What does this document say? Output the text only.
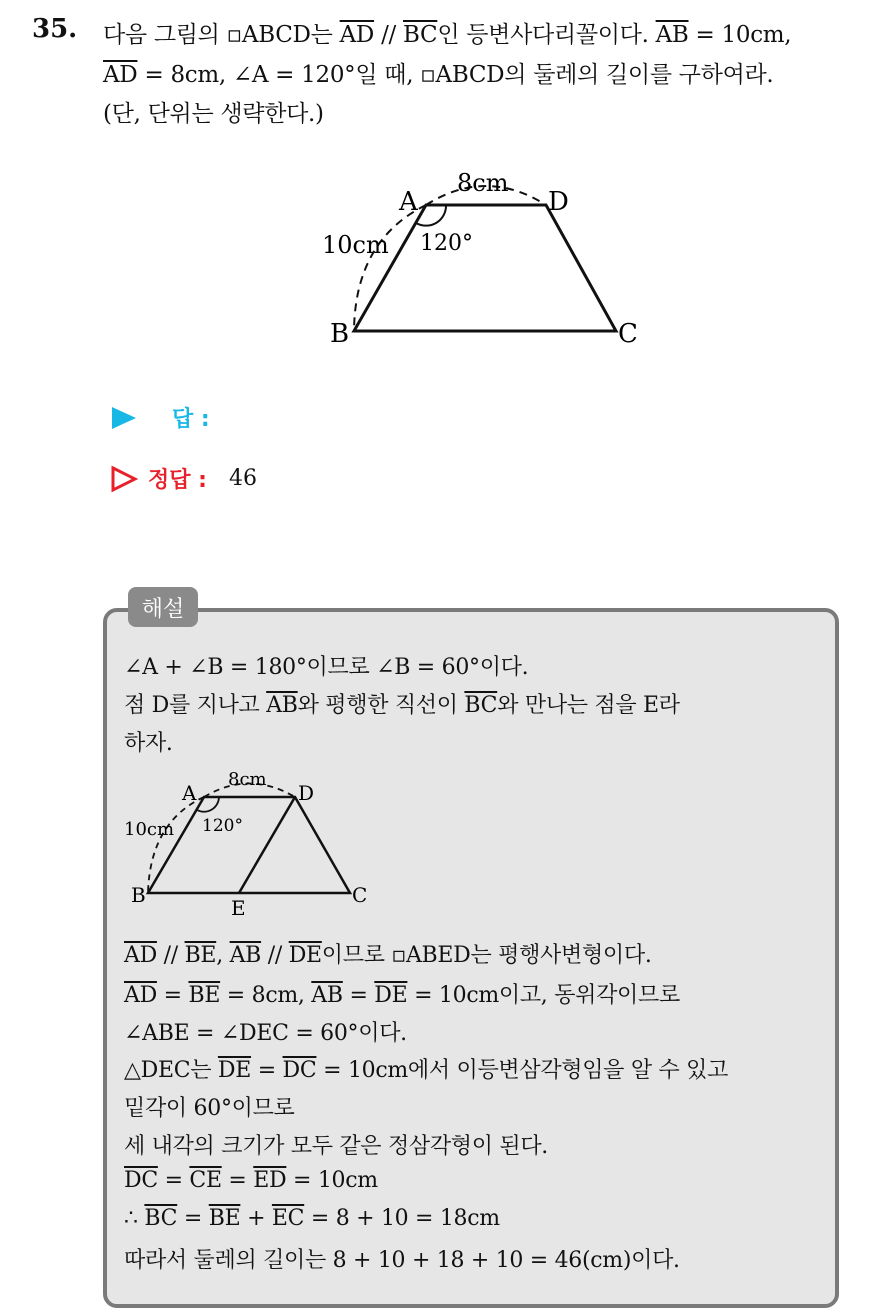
35. 다음 그림의 ▫ABCD는 $\overline{AD} // \overline{BC}$인 등변사다리꼴이다. $\overline{AB} = 10cm$,
$\overline{AD} = 8cm$, ∠A = 120°일 때, ▫ABCD의 둘레의 길이를 구하여라.
(단, 단위는 생략한다.)
A	D
B	C
8cm
10cm 120°
답 :
정답 : 46
해설
∠A + ∠B = 180°이므로 ∠B = 60°이다.
점 D를 지나고 $\overline{AB}$와 평행한 직선이 $\overline{BC}$와 만나는 점을 E라
하자.
A	D
B	C
E
8cm
10cm 120°
$\overline{AD} // \overline{BE}$, $\overline{AB} // \overline{DE}$이므로 ▫ABED는 평행사변형이다.
$\overline{AD} = \overline{BE} = 8cm$, $\overline{AB} = \overline{DE} = 10cm$이고, 동위각이므로
∠ABE = ∠DEC = 60°이다.
△DEC는 $\overline{DE} = \overline{DC} = 10cm$에서 이등변삼각형임을 알 수 있고
밑각이 60°이므로
세 내각의 크기가 모두 같은 정삼각형이 된다.
$\overline{DC} = \overline{CE} = \overline{ED} = 10cm$
∴ $\overline{BC} = \overline{BE} + \overline{EC} = 8 + 10 = 18cm$
따라서 둘레의 길이는 8 + 10 + 18 + 10 = 46(cm)이다.
